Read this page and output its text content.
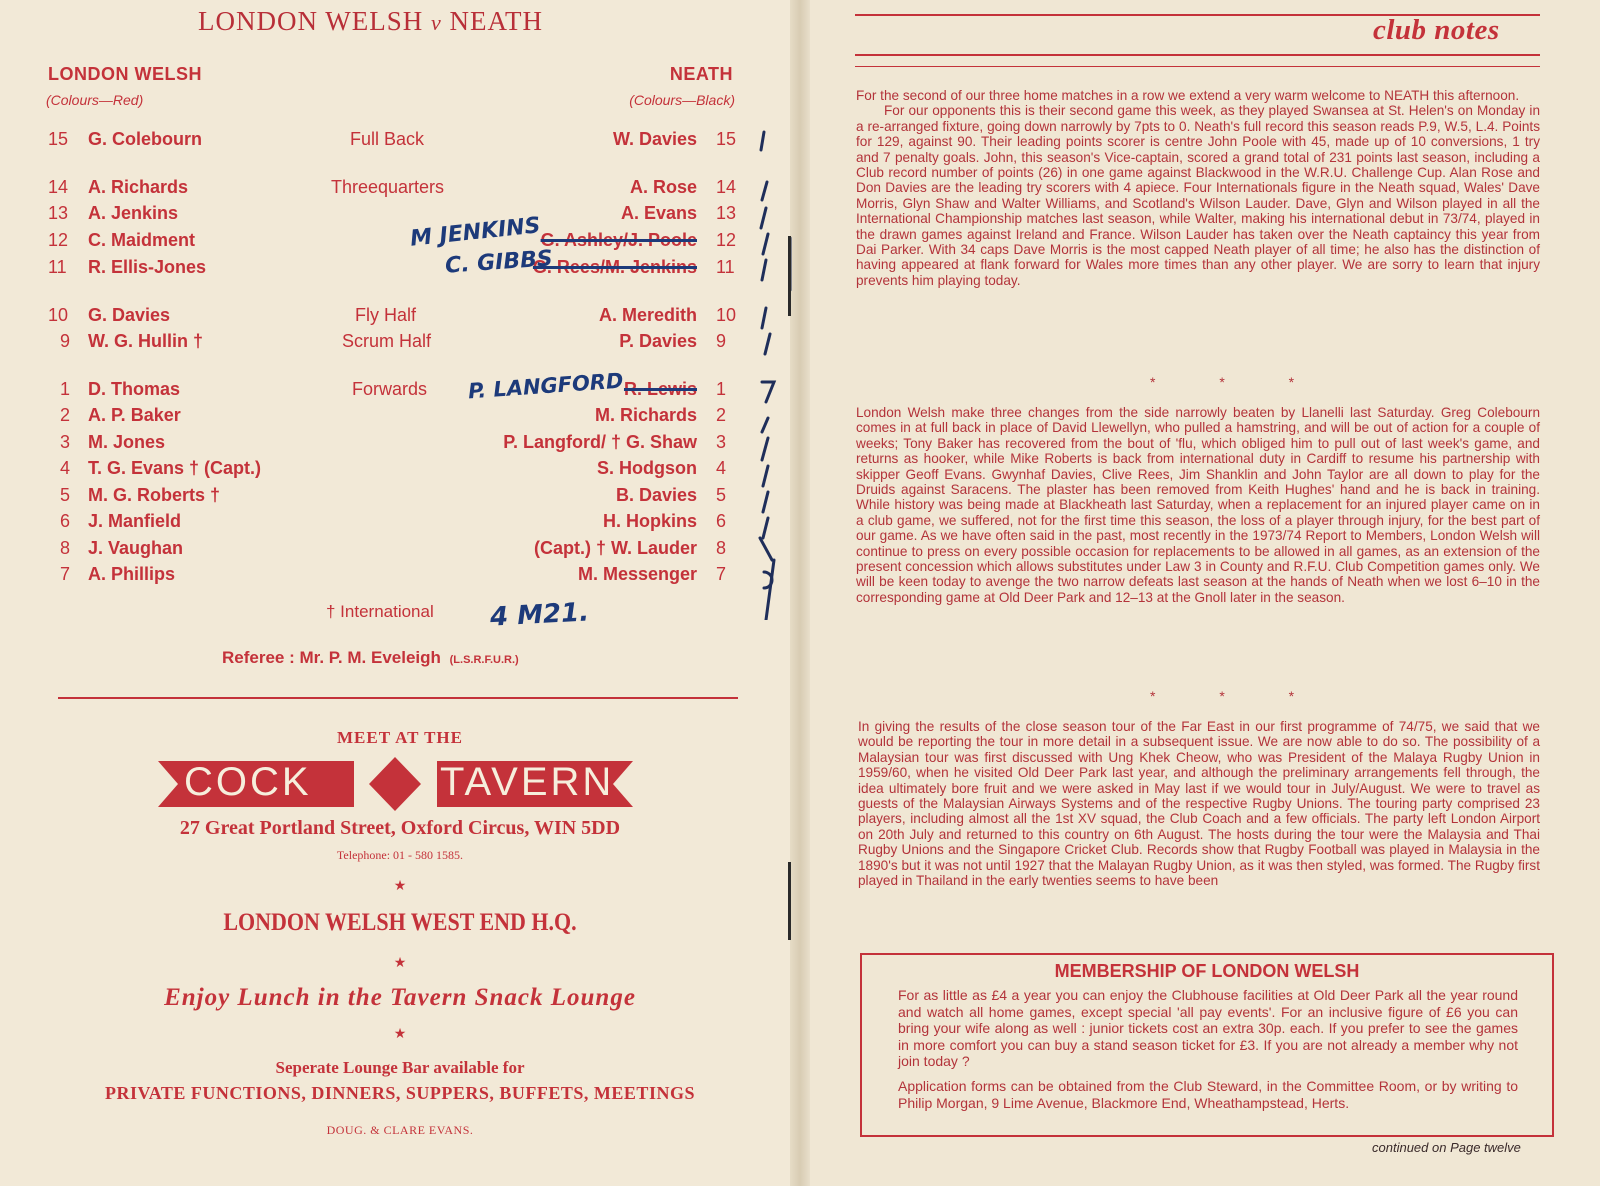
LONDON WELSH v NEATH
LONDON WELSH
(Colours—Red)
NEATH
(Colours—Black)
Full Back
Threequarters
Fly Half
Scrum Half
Forwards
15 G. Colebourn
14 A. Richards
13 A. Jenkins
12 C. Maidment
11 R. Ellis-Jones
10 G. Davies
9 W. G. Hullin †
1 D. Thomas
2 A. P. Baker
3 M. Jones
4 T. G. Evans † (Capt.)
5 M. G. Roberts †
6 J. Manfield
8 J. Vaughan
7 A. Phillips
W. Davies 15
A. Rose 14
A. Evans 13
G. Ashley/J. Poole 12
G. Rees/M. Jenkins 11
A. Meredith 10
P. Davies 9
R. Lewis 1
M. Richards 2
P. Langford/ † G. Shaw 3
S. Hodgson 4
B. Davies 5
H. Hopkins 6
(Capt.) † W. Lauder 8
M. Messenger 7
M JENKINS
C. GIBBS
P. LANGFORD
4 M21.
† International
Referee : Mr. P. M. Eveleigh (L.S.R.F.U.R.)
MEET AT THE
COCK	TAVERN
27 Great Portland Street, Oxford Circus, WIN 5DD
Telephone: 01 - 580 1585.
★
LONDON WELSH WEST END H.Q.
★
Enjoy Lunch in the Tavern Snack Lounge
★
Seperate Lounge Bar available for
PRIVATE FUNCTIONS, DINNERS, SUPPERS, BUFFETS, MEETINGS
DOUG. & CLARE EVANS.
club notes

For the second of our three home matches in a row we extend a very warm welcome to NEATH this afternoon.

For our opponents this is their second game this week, as they played Swansea at St. Helen's on Monday in a re-arranged fixture, going down narrowly by 7pts to 0. Neath's full record this season reads P.9, W.5, L.4. Points for 129, against 90. Their leading points scorer is centre John Poole with 45, made up of 10 conversions, 1 try and 7 penalty goals. John, this season's Vice-captain, scored a grand total of 231 points last season, including a Club record number of points (26) in one game against Blackwood in the W.R.U. Challenge Cup. Alan Rose and Don Davies are the leading try scorers with 4 apiece. Four Internationals figure in the Neath squad, Wales' Dave Morris, Glyn Shaw and Walter Williams, and Scotland's Wilson Lauder. Dave, Glyn and Wilson played in all the International Championship matches last season, while Walter, making his international debut in 73/74, played in the drawn games against Ireland and France. Wilson Lauder has taken over the Neath captaincy this year from Dai Parker. With 34 caps Dave Morris is the most capped Neath player of all time; he also has the distinction of having appeared at flank forward for Wales more times than any other player. We are sorry to learn that injury prevents him playing today.

* * *

London Welsh make three changes from the side narrowly beaten by Llanelli last Saturday. Greg Colebourn comes in at full back in place of David Llewellyn, who pulled a hamstring, and will be out of action for a couple of weeks; Tony Baker has recovered from the bout of 'flu, which obliged him to pull out of last week's game, and returns as hooker, while Mike Roberts is back from international duty in Cardiff to resume his partnership with skipper Geoff Evans. Gwynhaf Davies, Clive Rees, Jim Shanklin and John Taylor are all down to play for the Druids against Saracens. The plaster has been removed from Keith Hughes' hand and he is back in training. While history was being made at Blackheath last Saturday, when a replacement for an injured player came on in a club game, we suffered, not for the first time this season, the loss of a player through injury, for the best part of our game. As we have often said in the past, most recently in the 1973/74 Report to Members, London Welsh will continue to press on every possible occasion for replacements to be allowed in all games, as an extension of the present concession which allows substitutes under Law 3 in County and R.F.U. Club Competition games only. We will be keen today to avenge the two narrow defeats last season at the hands of Neath when we lost 6–10 in the corresponding game at Old Deer Park and 12–13 at the Gnoll later in the season.

* * *

In giving the results of the close season tour of the Far East in our first programme of 74/75, we said that we would be reporting the tour in more detail in a subsequent issue. We are now able to do so. The possibility of a Malaysian tour was first discussed with Ung Khek Cheow, who was President of the Malaya Rugby Union in 1959/60, when he visited Old Deer Park last year, and although the preliminary arrangements fell through, the idea ultimately bore fruit and we were asked in May last if we would tour in July/August. We were to travel as guests of the Malaysian Airways Systems and of the respective Rugby Unions. The touring party comprised 23 players, including almost all the 1st XV squad, the Club Coach and a few officials. The party left London Airport on 20th July and returned to this country on 6th August. The hosts during the tour were the Malaysia and Thai Rugby Unions and the Singapore Cricket Club. Records show that Rugby Football was played in Malaysia in the 1890's but it was not until 1927 that the Malayan Rugby Union, as it was then styled, was formed. The Rugby first played in Thailand in the early twenties seems to have been

MEMBERSHIP OF LONDON WELSH
For as little as £4 a year you can enjoy the Clubhouse facilities at Old Deer Park all the year round and watch all home games, except special 'all pay events'. For an inclusive figure of £6 you can bring your wife along as well : junior tickets cost an extra 30p. each. If you prefer to see the games in more comfort you can buy a stand season ticket for £3. If you are not already a member why not join today ?
Application forms can be obtained from the Club Steward, in the Committee Room, or by writing to Philip Morgan, 9 Lime Avenue, Blackmore End, Wheathampstead, Herts.
continued on Page twelve
